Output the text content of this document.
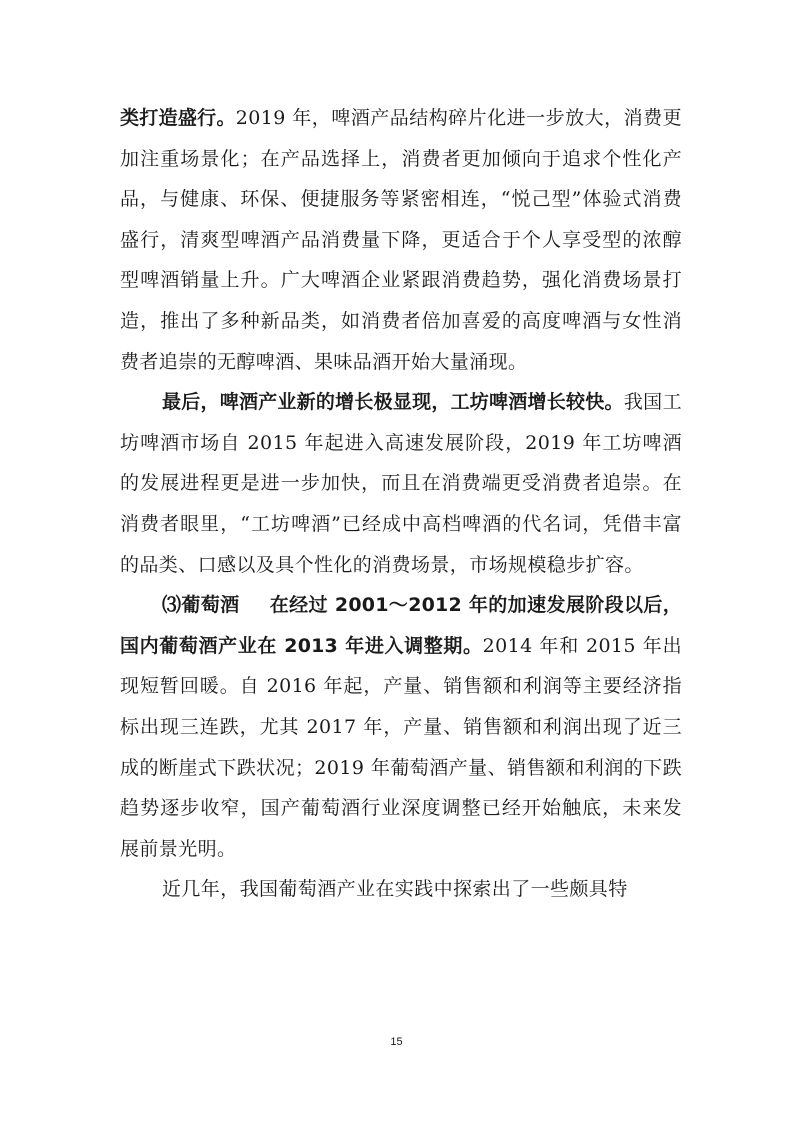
类打造盛行。2019 年，啤酒产品结构碎片化进一步放大，消费更加注重场景化；在产品选择上，消费者更加倾向于追求个性化产品，与健康、环保、便捷服务等紧密相连，“悦己型”体验式消费盛行，清爽型啤酒产品消费量下降，更适合于个人享受型的浓醇型啤酒销量上升。广大啤酒企业紧跟消费趋势，强化消费场景打造，推出了多种新品类，如消费者倍加喜爱的高度啤酒与女性消费者追崇的无醇啤酒、果味品酒开始大量涌现。

最后，啤酒产业新的增长极显现，工坊啤酒增长较快。我国工坊啤酒市场自 2015 年起进入高速发展阶段，2019 年工坊啤酒的发展进程更是进一步加快，而且在消费端更受消费者追崇。在消费者眼里，“工坊啤酒”已经成中高档啤酒的代名词，凭借丰富的品类、口感以及具个性化的消费场景，市场规模稳步扩容。

⑶葡萄酒 在经过 2001～2012 年的加速发展阶段以后，国内葡萄酒产业在 2013 年进入调整期。2014 年和 2015 年出现短暂回暖。自 2016 年起，产量、销售额和利润等主要经济指标出现三连跌，尤其 2017 年，产量、销售额和利润出现了近三成的断崖式下跌状况；2019 年葡萄酒产量、销售额和利润的下跌趋势逐步收窄，国产葡萄酒行业深度调整已经开始触底，未来发展前景光明。

近几年，我国葡萄酒产业在实践中探索出了一些颇具特

15
